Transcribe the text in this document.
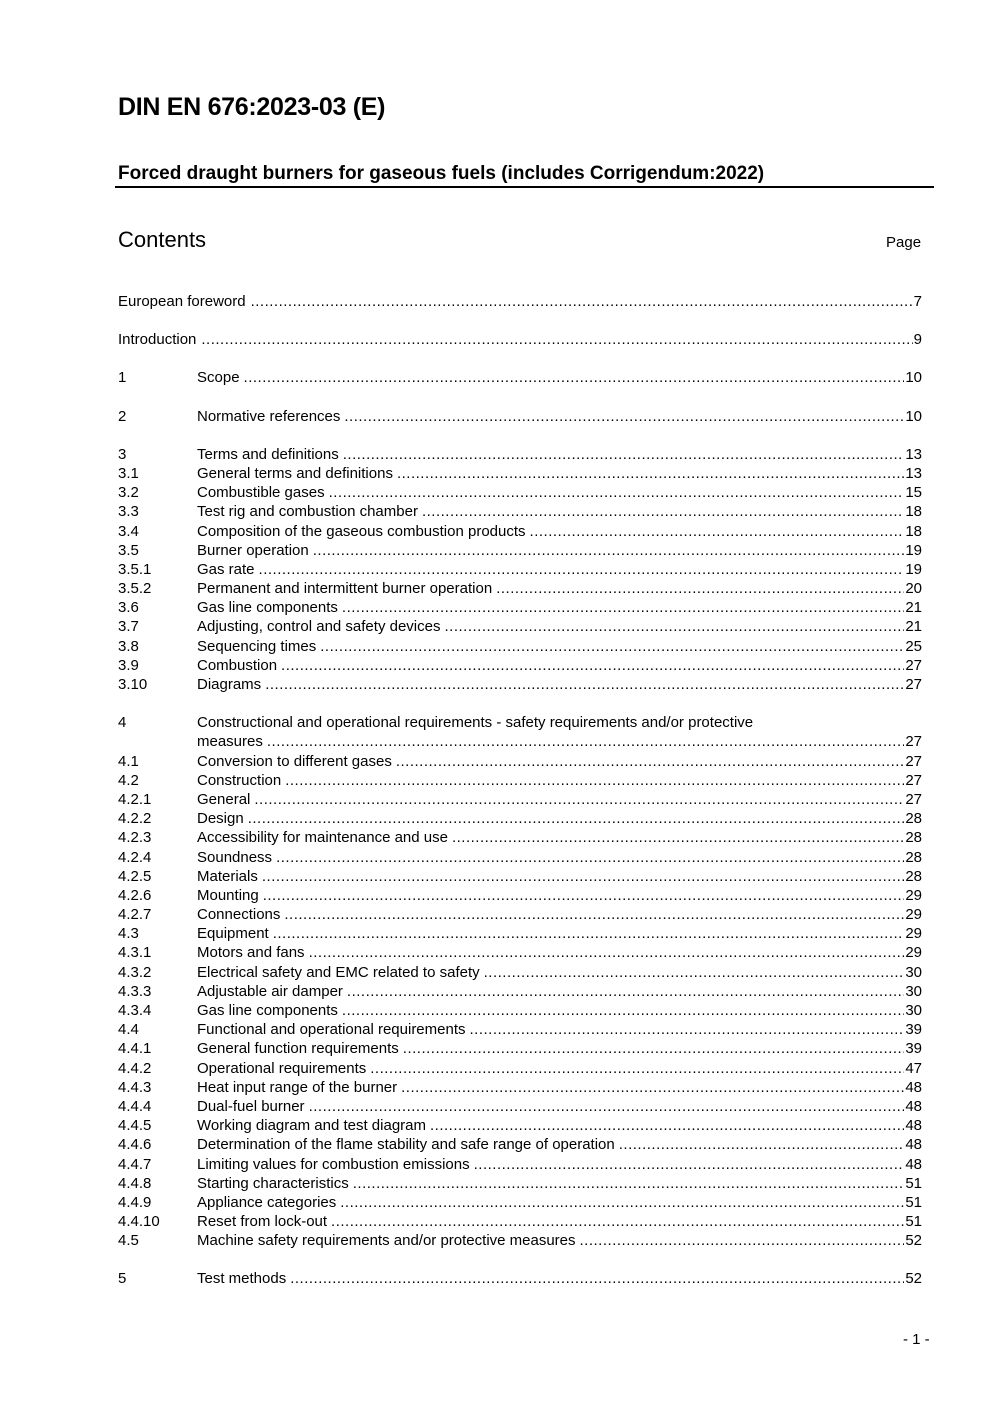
DIN EN 676:2023-03 (E)
Forced draught burners for gaseous fuels (includes Corrigendum:2022)
Contents	Page
European foreword .....	7
Introduction .....	9
1	Scope .....	10
2	Normative references .....	10
3	Terms and definitions .....	13
3.1	General terms and definitions .....	13
3.2	Combustible gases .....	15
3.3	Test rig and combustion chamber .....	18
3.4	Composition of the gaseous combustion products .....	18
3.5	Burner operation .....	19
3.5.1	Gas rate .....	19
3.5.2	Permanent and intermittent burner operation .....	20
3.6	Gas line components .....	21
3.7	Adjusting, control and safety devices .....	21
3.8	Sequencing times .....	25
3.9	Combustion .....	27
3.10	Diagrams .....	27
4	Constructional and operational requirements - safety requirements and/or protective
measures .....	27
4.1	Conversion to different gases .....	27
4.2	Construction .....	27
4.2.1	General .....	27
4.2.2	Design .....	28
4.2.3	Accessibility for maintenance and use .....	28
4.2.4	Soundness .....	28
4.2.5	Materials .....	28
4.2.6	Mounting .....	29
4.2.7	Connections .....	29
4.3	Equipment .....	29
4.3.1	Motors and fans .....	29
4.3.2	Electrical safety and EMC related to safety .....	30
4.3.3	Adjustable air damper .....	30
4.3.4	Gas line components .....	30
4.4	Functional and operational requirements .....	39
4.4.1	General function requirements .....	39
4.4.2	Operational requirements .....	47
4.4.3	Heat input range of the burner .....	48
4.4.4	Dual-fuel burner .....	48
4.4.5	Working diagram and test diagram .....	48
4.4.6	Determination of the flame stability and safe range of operation .....	48
4.4.7	Limiting values for combustion emissions .....	48
4.4.8	Starting characteristics .....	51
4.4.9	Appliance categories .....	51
4.4.10	Reset from lock-out .....	51
4.5	Machine safety requirements and/or protective measures .....	52
5	Test methods .....	52
- 1 -
